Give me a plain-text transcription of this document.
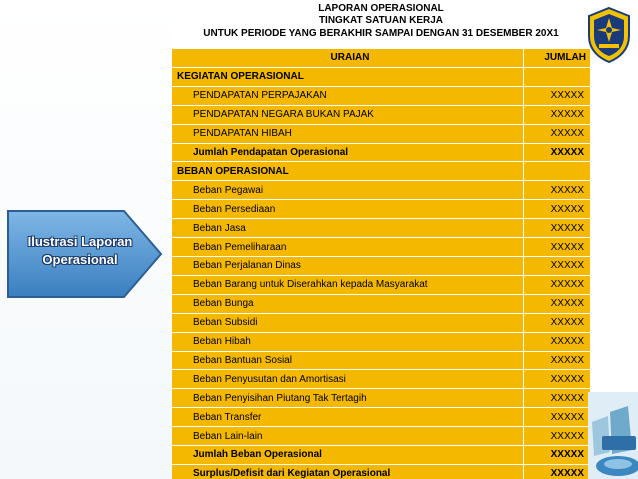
LAPORAN OPERASIONAL
TINGKAT SATUAN KERJA
UNTUK PERIODE YANG BERAKHIR SAMPAI DENGAN 31 DESEMBER 20X1
Ilustrasi Laporan
Operasional
URAIAN	JUMLAH
KEGIATAN OPERASIONAL	
PENDAPATAN PERPAJAKAN	XXXXX
PENDAPATAN NEGARA BUKAN PAJAK	XXXXX
PENDAPATAN HIBAH	XXXXX
Jumlah Pendapatan Operasional	XXXXX
BEBAN OPERASIONAL	
Beban Pegawai	XXXXX
Beban Persediaan	XXXXX
Beban Jasa	XXXXX
Beban Pemeliharaan	XXXXX
Beban Perjalanan Dinas	XXXXX
Beban Barang untuk Diserahkan kepada Masyarakat	XXXXX
Beban Bunga	XXXXX
Beban Subsidi	XXXXX
Beban Hibah	XXXXX
Beban Bantuan Sosial	XXXXX
Beban Penyusutan dan Amortisasi	XXXXX
Beban Penyisihan Piutang Tak Tertagih	XXXXX
Beban Transfer	XXXXX
Beban Lain-lain	XXXXX
Jumlah Beban Operasional	XXXXX
Surplus/Defisit dari Kegiatan Operasional	XXXXX
